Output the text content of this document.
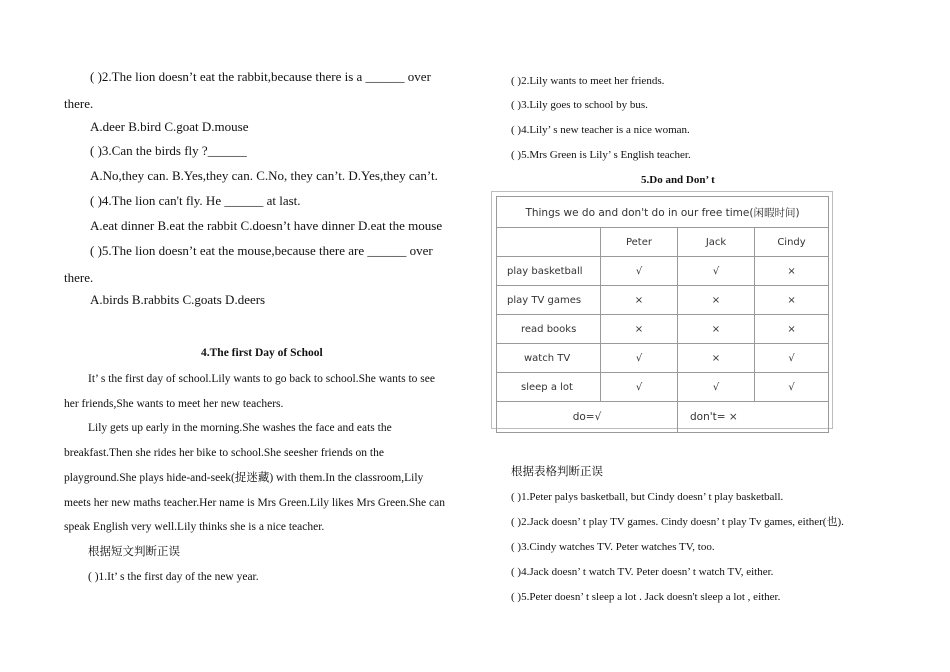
( )2.The lion doesn’t eat the rabbit,because there is a ______ over
there.
A.deer B.bird C.goat D.mouse
( )3.Can the birds fly ?______
A.No,they can. B.Yes,they can. C.No, they can’t. D.Yes,they can’t.
( )4.The lion can't fly. He ______ at last.
A.eat dinner B.eat the rabbit C.doesn’t have dinner D.eat the mouse
( )5.The lion doesn’t eat the mouse,because there are ______ over
there.
A.birds B.rabbits C.goats D.deers
4.The first Day of School
It’ s the first day of school.Lily wants to go back to school.She wants to see
her friends,She wants to meet her new teachers.
Lily gets up early in the morning.She washes the face and eats the
breakfast.Then she rides her bike to school.She seesher friends on the
playground.She plays hide-and-seek(捉迷藏) with them.In the classroom,Lily
meets her new maths teacher.Her name is Mrs Green.Lily likes Mrs Green.She can
speak English very well.Lily thinks she is a nice teacher.
根据短文判断正误
( )1.It’ s the first day of the new year.
( )2.Lily wants to meet her friends.
( )3.Lily goes to school by bus.
( )4.Lily’ s new teacher is a nice woman.
( )5.Mrs Green is Lily’ s English teacher.
5.Do and Don’ t
Things we do and don't do in our free time(闲暇时间)			
	Peter	Jack	Cindy
play basketball	√	√	×
play TV games	×	×	×
read books	×	×	×
watch TV	√	×	√
sleep a lot	√	√	√
do=√		don't= ×	
根据表格判断正误
( )1.Peter palys basketball, but Cindy doesn’ t play basketball.
( )2.Jack doesn’ t play TV games. Cindy doesn’ t play Tv games, either(也).
( )3.Cindy watches TV. Peter watches TV, too.
( )4.Jack doesn’ t watch TV. Peter doesn’ t watch TV, either.
( )5.Peter doesn’ t sleep a lot . Jack doesn't sleep a lot , either.
